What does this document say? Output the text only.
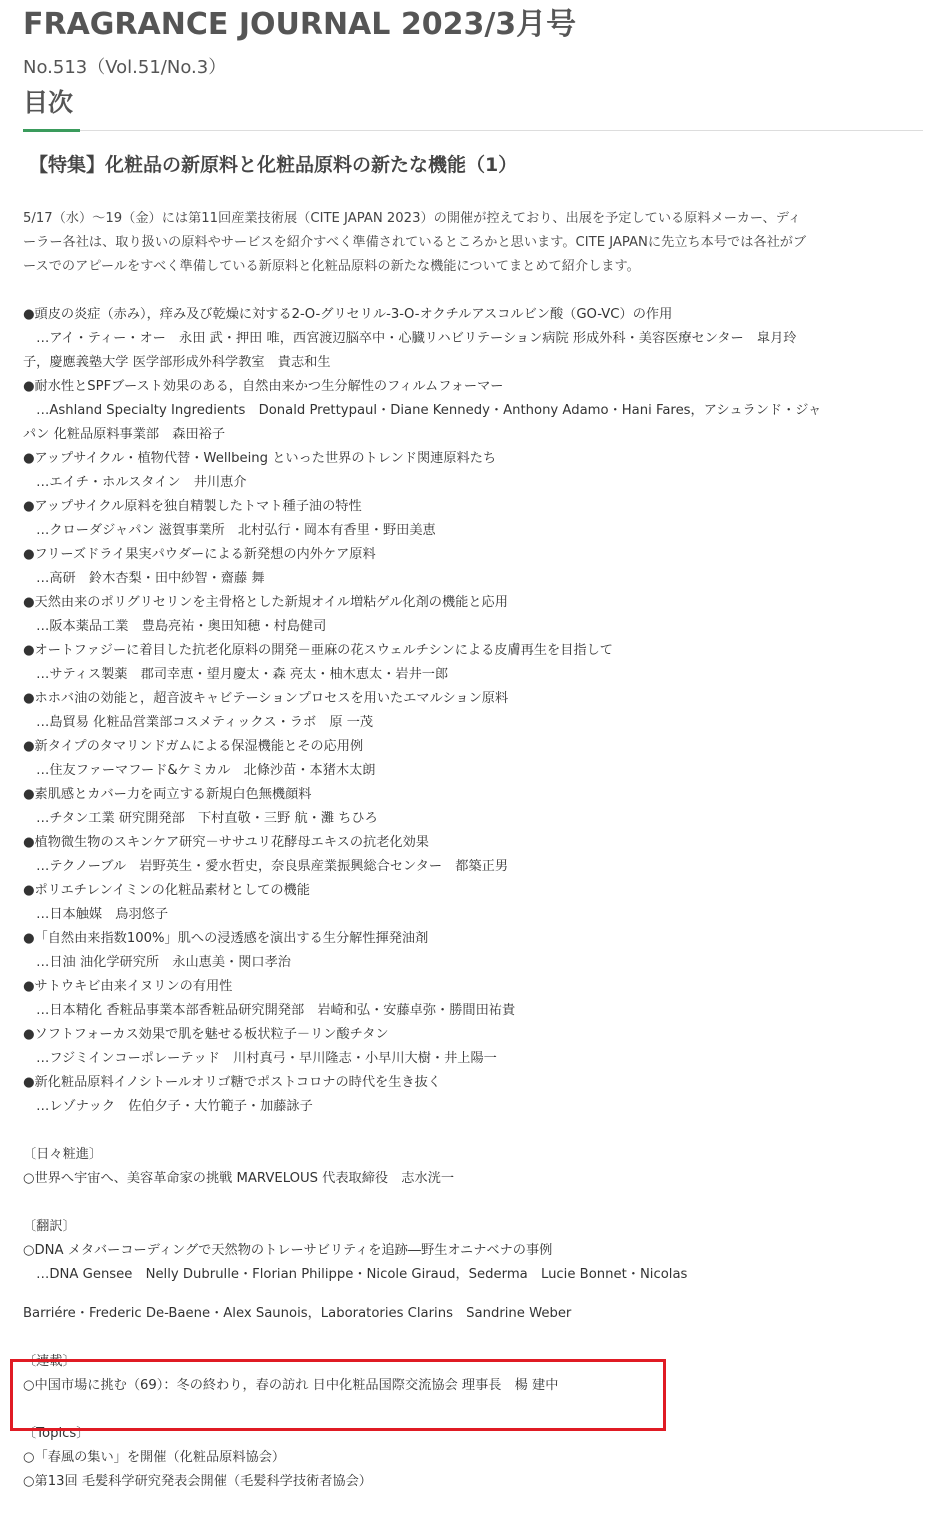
FRAGRANCE JOURNAL 2023/3月号
No.513（Vol.51/No.3）
目次
【特集】化粧品の新原料と化粧品原料の新たな機能（1）
5/17（水）～19（金）には第11回産業技術展（CITE JAPAN 2023）の開催が控えており、出展を予定している原料メーカー、ディ
ーラー各社は、取り扱いの原料やサービスを紹介すべく準備されているところかと思います。CITE JAPANに先立ち本号では各社がブ
ースでのアピールをすべく準備している新原料と化粧品原料の新たな機能についてまとめて紹介します。
●頭皮の炎症（赤み），痒み及び乾燥に対する2-O-グリセリル-3-O-オクチルアスコルビン酸（GO-VC）の作用
　…アイ・ティー・オー　永田 武・押田 唯，西宮渡辺脳卒中・心臓リハビリテーション病院 形成外科・美容医療センター　皐月玲
子，慶應義塾大学 医学部形成外科学教室　貴志和生
●耐水性とSPFブースト効果のある，自然由来かつ生分解性のフィルムフォーマー
　…Ashland Specialty Ingredients　Donald Prettypaul・Diane Kennedy・Anthony Adamo・Hani Fares，アシュランド・ジャ
パン 化粧品原料事業部　森田裕子
●アップサイクル・植物代替・Wellbeing といった世界のトレンド関連原料たち
　…エイチ・ホルスタイン　井川恵介
●アップサイクル原料を独自精製したトマト種子油の特性
　…クローダジャパン 滋賀事業所　北村弘行・岡本有香里・野田美恵
●フリーズドライ果実パウダーによる新発想の内外ケア原料
　…高研　鈴木杏梨・田中紗智・齋藤 舞
●天然由来のポリグリセリンを主骨格とした新規オイル増粘ゲル化剤の機能と応用
　…阪本薬品工業　豊島亮祐・奥田知穂・村島健司
●オートファジーに着目した抗老化原料の開発－亜麻の花スウェルチシンによる皮膚再生を目指して
　…サティス製薬　郡司幸恵・望月慶太・森 亮太・柚木恵太・岩井一郎
●ホホバ油の効能と，超音波キャビテーションプロセスを用いたエマルション原料
　…島貿易 化粧品営業部コスメティックス・ラボ　原 一茂
●新タイプのタマリンドガムによる保湿機能とその応用例
　…住友ファーマフード&ケミカル　北條沙苗・本猪木太朗
●素肌感とカバー力を両立する新規白色無機顔料
　…チタン工業 研究開発部　下村直敬・三野 航・灘 ちひろ
●植物微生物のスキンケア研究－ササユリ花酵母エキスの抗老化効果
　…テクノーブル　岩野英生・愛水哲史，奈良県産業振興総合センター　都築正男
●ポリエチレンイミンの化粧品素材としての機能
　…日本触媒　鳥羽悠子
●「自然由来指数100%」肌への浸透感を演出する生分解性揮発油剤
　…日油 油化学研究所　永山恵美・関口孝治
●サトウキビ由来イヌリンの有用性
　…日本精化 香粧品事業本部香粧品研究開発部　岩崎和弘・安藤卓弥・勝間田祐貴
●ソフトフォーカス効果で肌を魅せる板状粒子－リン酸チタン
　…フジミインコーポレーテッド　川村真弓・早川隆志・小早川大樹・井上陽一
●新化粧品原料イノシトールオリゴ糖でポストコロナの時代を生き抜く
　…レゾナック　佐伯夕子・大竹範子・加藤詠子
〔日々粧進〕
○世界へ宇宙へ、美容革命家の挑戦 MARVELOUS 代表取締役　志水洸一
〔翻訳〕
○DNA メタバーコーディングで天然物のトレーサビリティを追跡―野生オニナベナの事例
　…DNA Gensee　Nelly Dubrulle・Florian Philippe・Nicole Giraud，Sederma　Lucie Bonnet・Nicolas
Barriére・Frederic De-Baene・Alex Saunois，Laboratories Clarins　Sandrine Weber
〔連載〕
○中国市場に挑む（69）：冬の終わり，春の訪れ 日中化粧品国際交流協会 理事長　楊 建中
〔Topics〕
○「春風の集い」を開催（化粧品原料協会）
○第13回 毛髪科学研究発表会開催（毛髪科学技術者協会）
